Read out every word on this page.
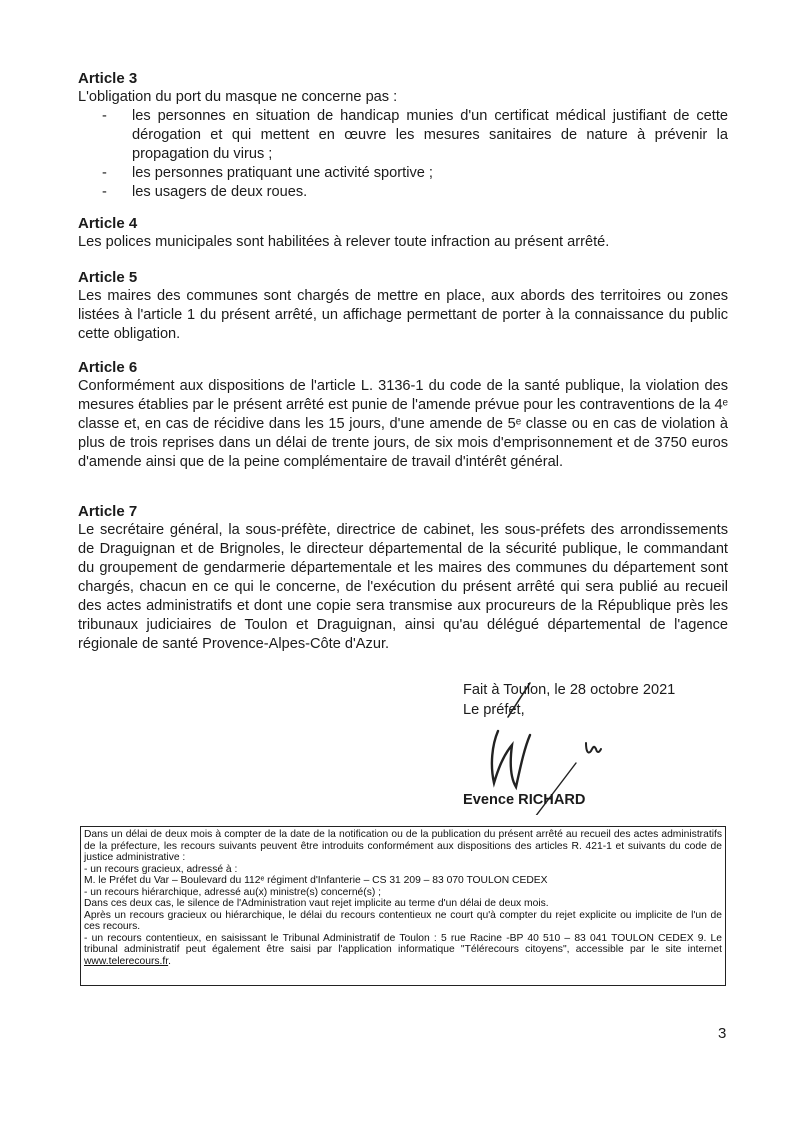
Article 3

L'obligation du port du masque ne concerne pas :

- les personnes en situation de handicap munies d'un certificat médical justifiant de cette dérogation et qui mettent en œuvre les mesures sanitaires de nature à prévenir la propagation du virus ;
- les personnes pratiquant une activité sportive ;
- les usagers de deux roues.

Article 4

Les polices municipales sont habilitées à relever toute infraction au présent arrêté.

Article 5

Les maires des communes sont chargés de mettre en place, aux abords des territoires ou zones listées à l'article 1 du présent arrêté, un affichage permettant de porter à la connaissance du public cette obligation.

Article 6

Conformément aux dispositions de l'article L. 3136-1 du code de la santé publique, la violation des mesures établies par le présent arrêté est punie de l'amende prévue pour les contraventions de la 4ᵉ classe et, en cas de récidive dans les 15 jours, d'une amende de 5ᵉ classe ou en cas de violation à plus de trois reprises dans un délai de trente jours, de six mois d'emprisonnement et de 3750 euros d'amende ainsi que de la peine complémentaire de travail d'intérêt général.

Article 7

Le secrétaire général, la sous-préfète, directrice de cabinet, les sous-préfets des arrondissements de Draguignan et de Brignoles, le directeur départemental de la sécurité publique, le commandant du groupement de gendarmerie départementale et les maires des communes du département sont chargés, chacun en ce qui le concerne, de l'exécution du présent arrêté qui sera publié au recueil des actes administratifs et dont une copie sera transmise aux procureurs de la République près les tribunaux judiciaires de Toulon et Draguignan, ainsi qu'au délégué départemental de l'agence régionale de santé Provence-Alpes-Côte d'Azur.

Fait à Toulon, le 28 octobre 2021
Le préfet,
Evence RICHARD

Dans un délai de deux mois à compter de la date de la notification ou de la publication du présent arrêté au recueil des actes administratifs de la préfecture, les recours suivants peuvent être introduits conformément aux dispositions des articles R. 421-1 et suivants du code de justice administrative :

- un recours gracieux, adressé à :

M. le Préfet du Var – Boulevard du 112ᵉ régiment d'Infanterie – CS 31 209 – 83 070 TOULON CEDEX

- un recours hiérarchique, adressé au(x) ministre(s) concerné(s) ;

Dans ces deux cas, le silence de l'Administration vaut rejet implicite au terme d'un délai de deux mois.

Après un recours gracieux ou hiérarchique, le délai du recours contentieux ne court qu'à compter du rejet explicite ou implicite de l'un de ces recours.

- un recours contentieux, en saisissant le Tribunal Administratif de Toulon : 5 rue Racine -BP 40 510 – 83 041 TOULON CEDEX 9. Le tribunal administratif peut également être saisi par l'application informatique "Télérecours citoyens", accessible par le site internet www.telerecours.fr.

3
